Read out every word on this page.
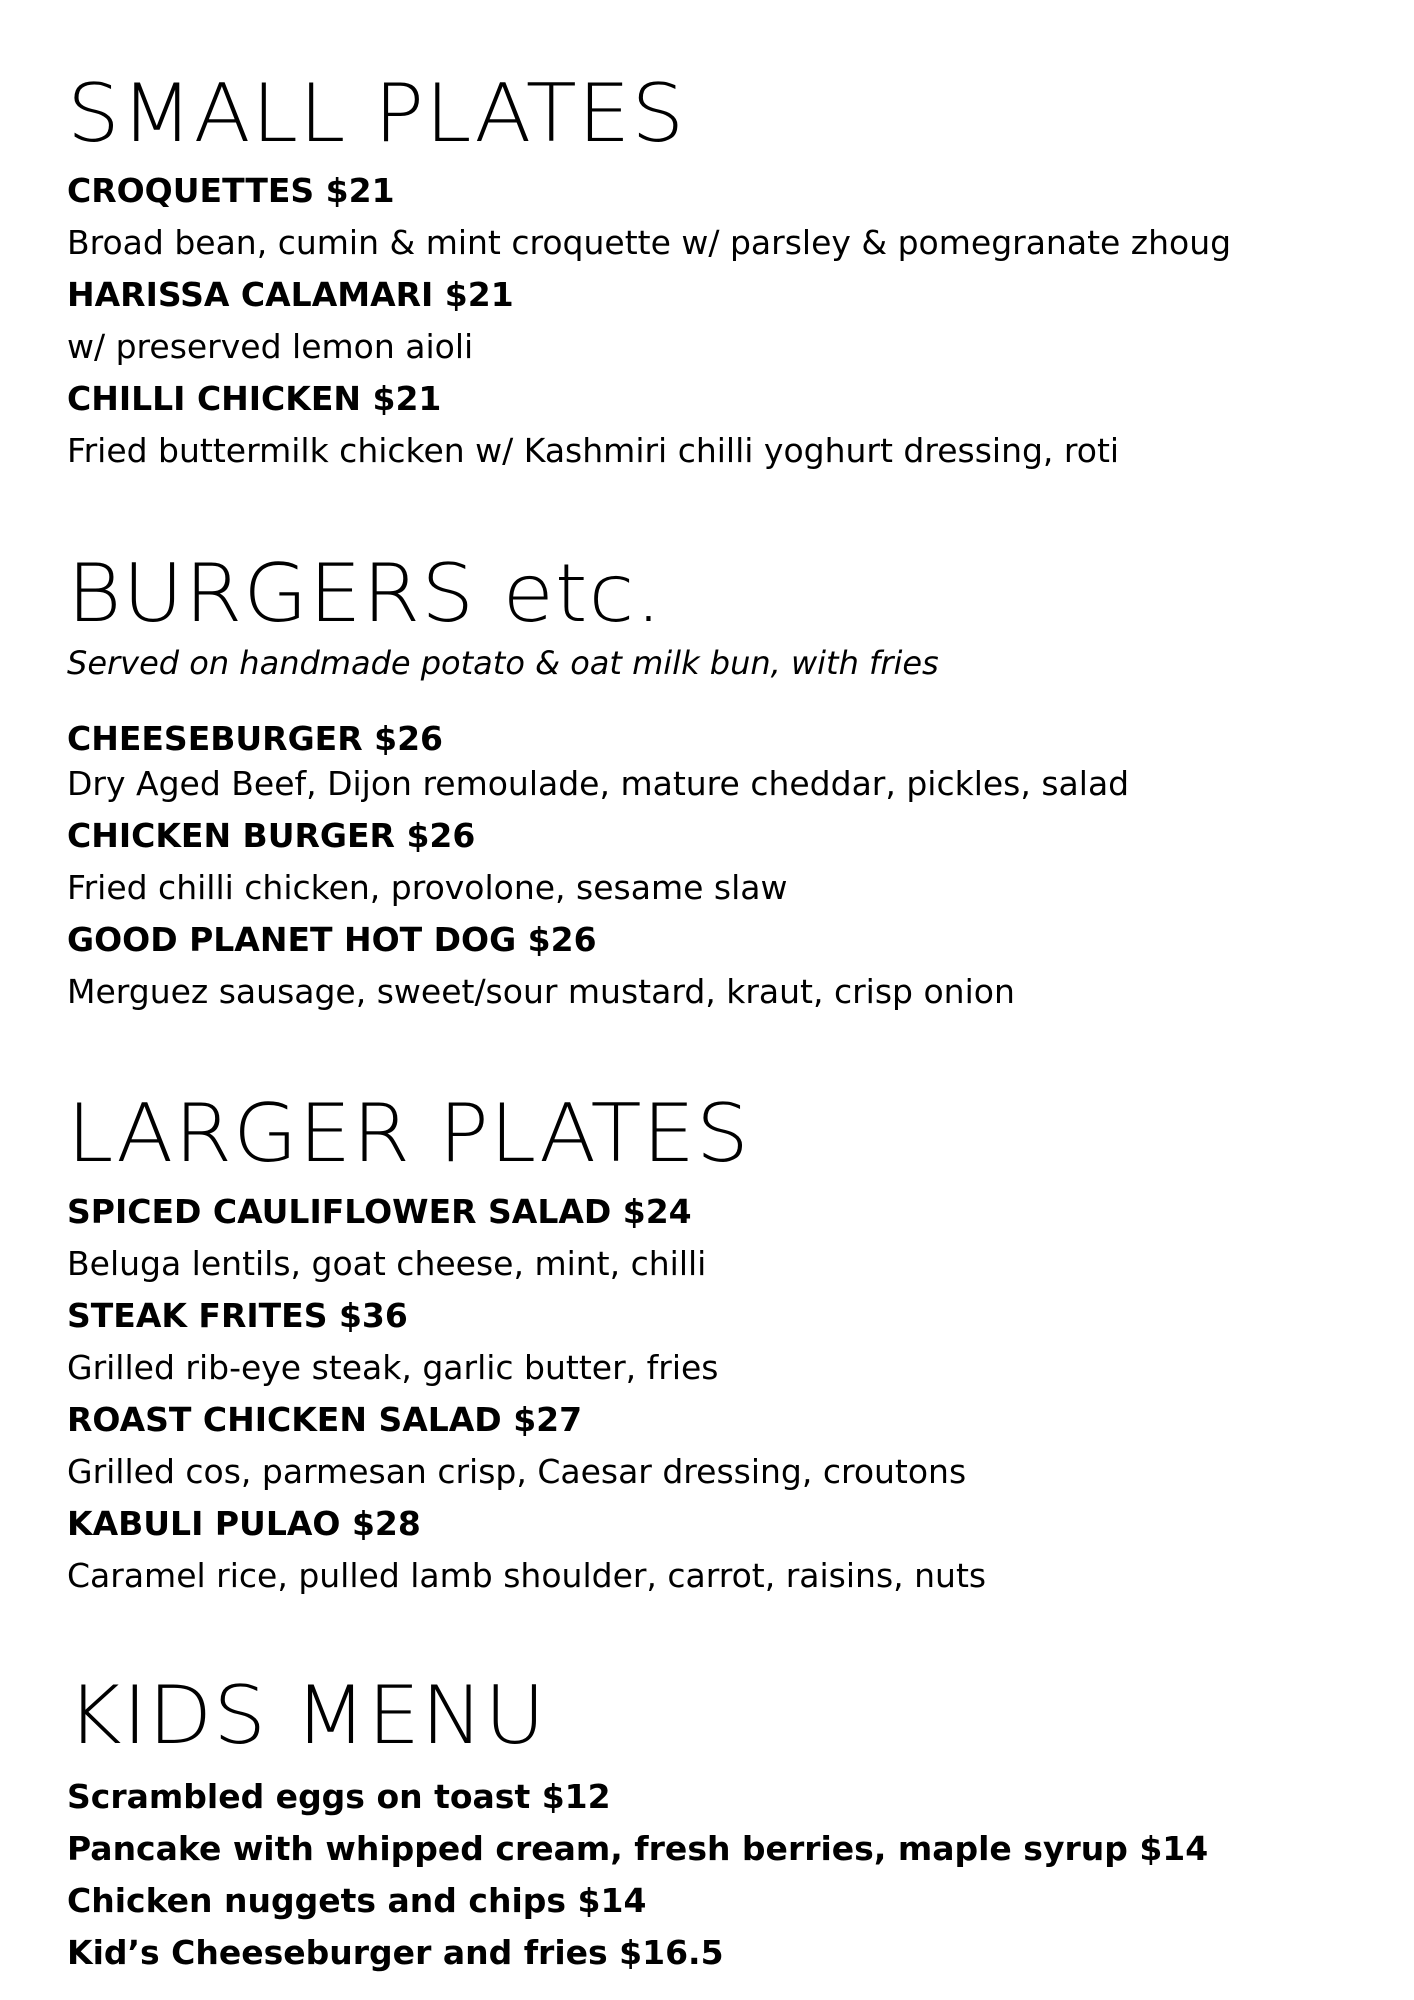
SMALL PLATES
CROQUETTES $21
Broad bean, cumin & mint croquette w/ parsley & pomegranate zhoug
HARISSA CALAMARI $21
w/ preserved lemon aioli
CHILLI CHICKEN $21
Fried buttermilk chicken w/ Kashmiri chilli yoghurt dressing, roti
BURGERS etc.
Served on handmade potato & oat milk bun, with fries
CHEESEBURGER $26
Dry Aged Beef, Dijon remoulade, mature cheddar, pickles, salad
CHICKEN BURGER $26
Fried chilli chicken, provolone, sesame slaw
GOOD PLANET HOT DOG $26
Merguez sausage, sweet/sour mustard, kraut, crisp onion
LARGER PLATES
SPICED CAULIFLOWER SALAD $24
Beluga lentils, goat cheese, mint, chilli
STEAK FRITES $36
Grilled rib-eye steak, garlic butter, fries
ROAST CHICKEN SALAD $27
Grilled cos, parmesan crisp, Caesar dressing, croutons
KABULI PULAO $28
Caramel rice, pulled lamb shoulder, carrot, raisins, nuts
KIDS MENU
Scrambled eggs on toast $12
Pancake with whipped cream, fresh berries, maple syrup $14
Chicken nuggets and chips $14
Kid’s Cheeseburger and fries $16.5
